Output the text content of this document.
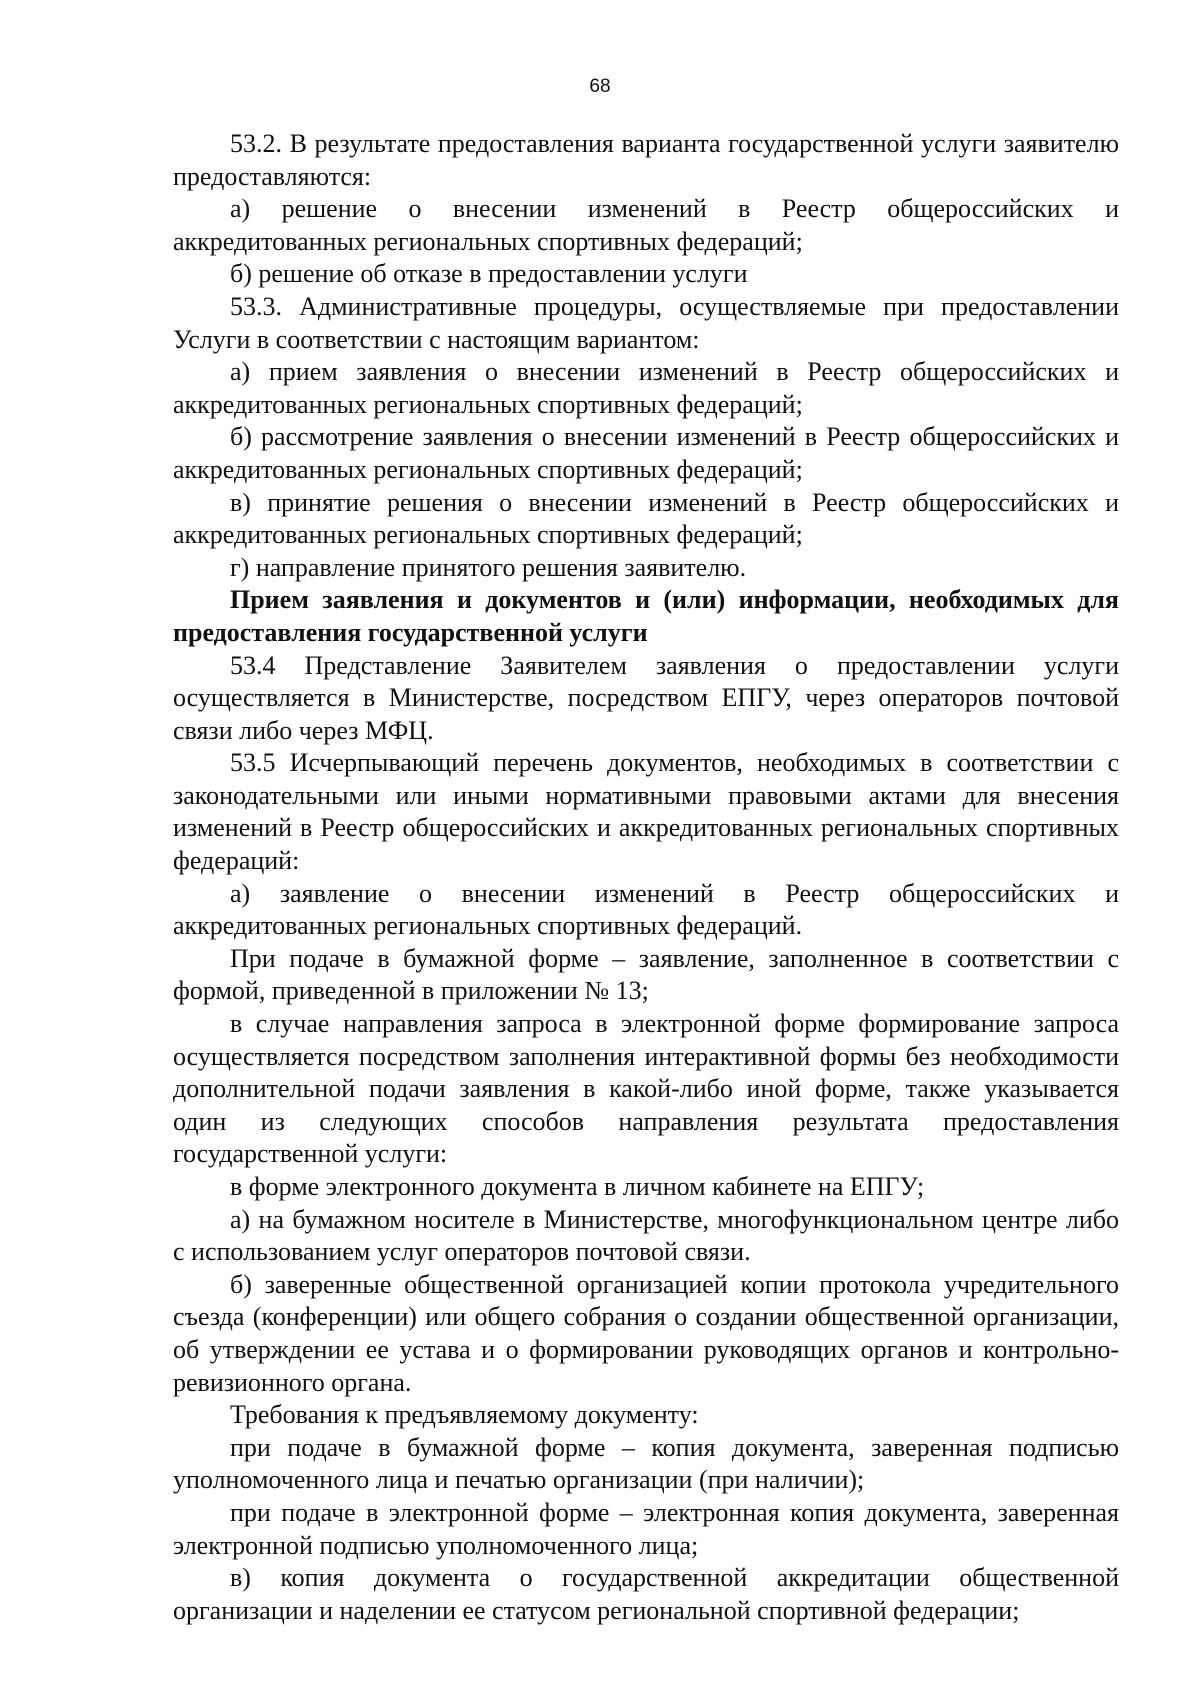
68

53.2. В результате предоставления варианта государственной услуги заявителю предоставляются:

а) решение о внесении изменений в Реестр общероссийских и аккредитованных региональных спортивных федераций;

б) решение об отказе в предоставлении услуги

53.3. Административные процедуры, осуществляемые при предоставлении Услуги в соответствии с настоящим вариантом:

а) прием заявления о внесении изменений в Реестр общероссийских и аккредитованных региональных спортивных федераций;

б) рассмотрение заявления о внесении изменений в Реестр общероссийских и аккредитованных региональных спортивных федераций;

в) принятие решения о внесении изменений в Реестр общероссийских и аккредитованных региональных спортивных федераций;

г) направление принятого решения заявителю.

Прием заявления и документов и (или) информации, необходимых для предоставления государственной услуги

53.4 Представление Заявителем заявления о предоставлении услуги осуществляется в Министерстве, посредством ЕПГУ, через операторов почтовой связи либо через МФЦ.

53.5 Исчерпывающий перечень документов, необходимых в соответствии с законодательными или иными нормативными правовыми актами для внесения изменений в Реестр общероссийских и аккредитованных региональных спортивных федераций:

а) заявление о внесении изменений в Реестр общероссийских и аккредитованных региональных спортивных федераций.

При подаче в бумажной форме – заявление, заполненное в соответствии с формой, приведенной в приложении № 13;

в случае направления запроса в электронной форме формирование запроса осуществляется посредством заполнения интерактивной формы без необходимости дополнительной подачи заявления в какой-либо иной форме, также указывается один из следующих способов направления результата предоставления государственной услуги:

в форме электронного документа в личном кабинете на ЕПГУ;

а) на бумажном носителе в Министерстве, многофункциональном центре либо с использованием услуг операторов почтовой связи.

б) заверенные общественной организацией копии протокола учредительного съезда (конференции) или общего собрания о создании общественной организации, об утверждении ее устава и о формировании руководящих органов и контрольно-ревизионного органа.

Требования к предъявляемому документу:

при подаче в бумажной форме – копия документа, заверенная подписью уполномоченного лица и печатью организации (при наличии);

при подаче в электронной форме – электронная копия документа, заверенная электронной подписью уполномоченного лица;

в) копия документа о государственной аккредитации общественной организации и наделении ее статусом региональной спортивной федерации;
